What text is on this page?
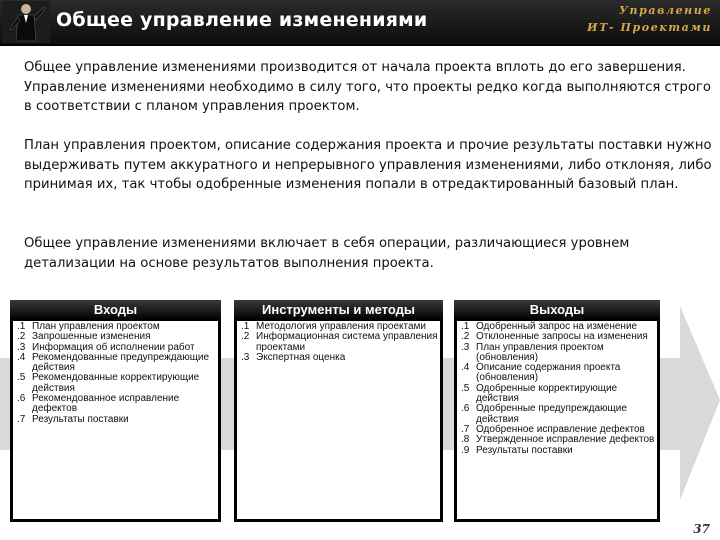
Общее управление изменениями	Управление
ИТ- Проектами

Общее управление изменениями производится от начала проекта вплоть до его завершения. Управление изменениями необходимо в силу того, что проекты редко когда выполняются строго в соответствии с планом управления проектом.

План управления проектом, описание содержания проекта и прочие результаты поставки нужно выдерживать путем аккуратного и непрерывного управления изменениями, либо отклоняя, либо принимая их, так чтобы одобренные изменения попали в отредактированный базовый план.

Общее управление изменениями включает в себя операции, различающиеся уровнем детализации на основе результатов выполнения проекта.

Входы
.1 План управления проектом
.2 Запрошенные изменения
.3 Информация об исполнении работ
.4 Рекомендованные предупреждающие действия
.5 Рекомендованные корректирующие действия
.6 Рекомендованное исправление дефектов
.7 Результаты поставки
Инструменты и методы
.1 Методология управления проектами
.2 Информационная система управления проектами
.3 Экспертная оценка
Выходы
.1 Одобренный запрос на изменение
.2 Отклоненные запросы на изменения
.3 План управления проектом (обновления)
.4 Описание содержания проекта (обновления)
.5 Одобренные корректирующие действия
.6 Одобренные предупреждающие действия
.7 Одобренное исправление дефектов
.8 Утвержденное исправление дефектов
.9 Результаты поставки
37
